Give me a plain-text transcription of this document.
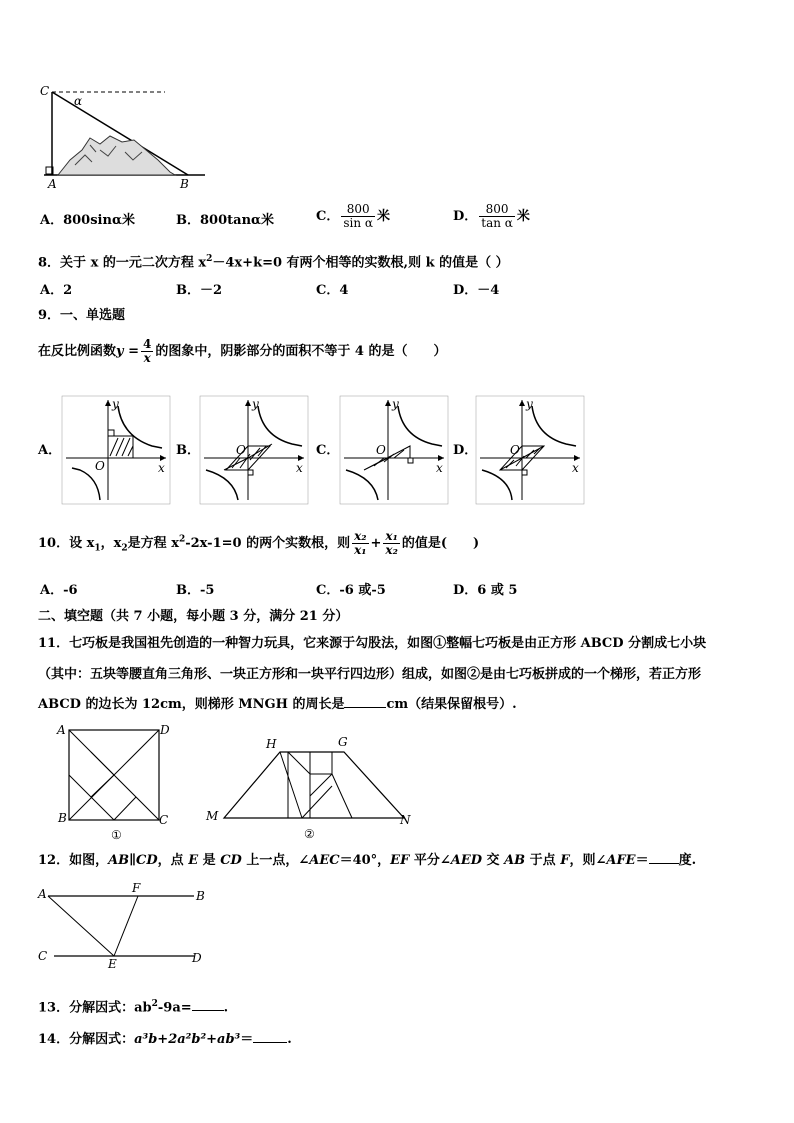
C
α
A	B
A．800sinα米	B．800tanα米	C． $\frac{800}{\text{sin α}}$ 米	D． $\frac{800}{\text{tan α}}$ 米
8．关于 x 的一元二次方程 $x^2-4x+k=0$ 有两个相等的实数根,则 k 的值是（ ）
A．2	B．－2	C．4	D．－4
9．一、单选题
在反比例函数$y = \frac{4}{x}$ 的图象中，阴影部分的面积不等于 4 的是（　　）
A．	B．	C．	D．
y
x
O
y
x
O
y
x
O
y
x
O
10．设 $x_1$，$x_2$是方程 $x^2-2x-1=0$ 的两个实数根，则 $\frac{\text{x₂}}{\text{x₁}} + \frac{\text{x₁}}{\text{x₂}}$ 的值是(　　)
A．-6	B．-5	C．-6 或-5	D．6 或 5
二、填空题（共 7 小题，每小题 3 分，满分 21 分）
11．七巧板是我国祖先创造的一种智力玩具，它来源于勾股法，如图①整幅七巧板是由正方形 ABCD 分割成七小块
（其中：五块等腰直角三角形、一块正方形和一块平行四边形）组成，如图②是由七巧板拼成的一个梯形，若正方形
ABCD 的边长为 12cm，则梯形 MNGH 的周长是	cm（结果保留根号）.
A	D
B	C
①
H	G
M	N
②
12．如图，AB∥CD，点 E 是 CD 上一点，∠AEC＝40°，EF 平分∠AED 交 AB 于点 F，则∠AFE＝ 度.
A	F
B
C
E	D
13．分解因式：$ab^2-9a=$ .
14．分解因式：a³b+2a²b²+ab³＝	.
